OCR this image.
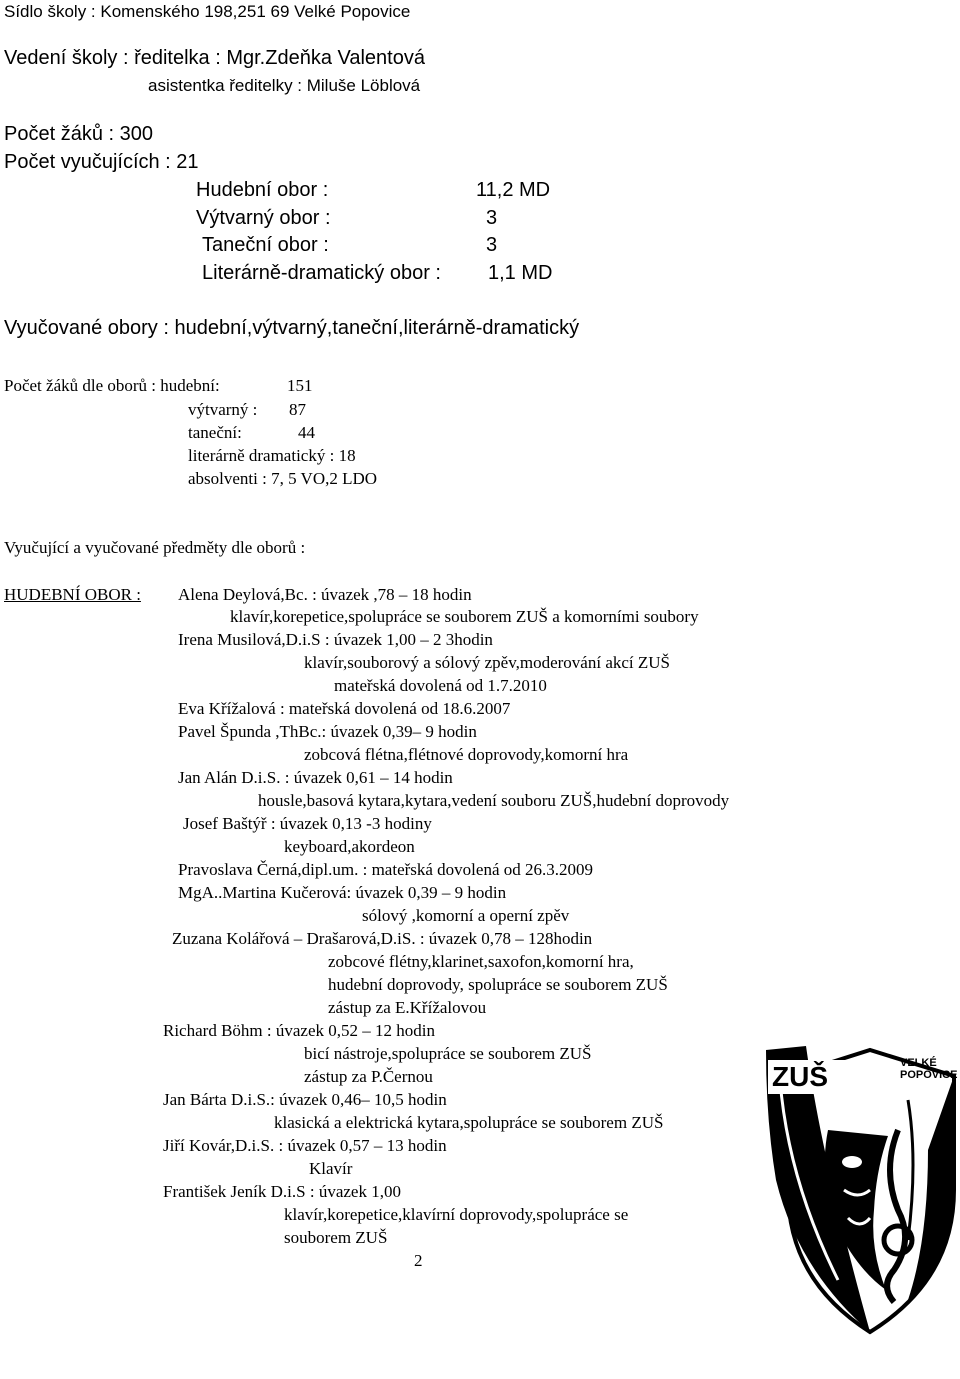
Sídlo školy : Komenského 198,251 69 Velké Popovice
Vedení školy : ředitelka : Mgr.Zdeňka Valentová
asistentka ředitelky : Miluše Löblová
Počet žáků : 300
Počet vyučujících : 21
Hudební obor :	11,2 MD
Výtvarný obor :	3
Taneční obor :	3
Literárně-dramatický obor : 1,1 MD
Vyučované obory : hudební,výtvarný,taneční,literárně-dramatický
Počet žáků dle oborů : hudební:	151
výtvarný : 87
taneční:	44
literárně dramatický : 18
absolventi : 7, 5 VO,2 LDO
Vyučující a vyučované předměty dle oborů :
HUDEBNÍ OBOR : Alena Deylová,Bc. : úvazek ,78 – 18 hodin
klavír,korepetice,spolupráce se souborem ZUŠ a komorními soubory
Irena Musilová,D.i.S : úvazek 1,00 – 2 3hodin
klavír,souborový a sólový zpěv,moderování akcí ZUŠ
mateřská dovolená od 1.7.2010
Eva Křížalová : mateřská dovolená od 18.6.2007
Pavel Špunda ,ThBc.: úvazek 0,39– 9 hodin
zobcová flétna,flétnové doprovody,komorní hra
Jan Alán D.i.S. : úvazek 0,61 – 14 hodin
housle,basová kytara,kytara,vedení souboru ZUŠ,hudební doprovody
Josef Baštýř : úvazek 0,13 -3 hodiny
keyboard,akordeon
Pravoslava Černá,dipl.um. : mateřská dovolená od 26.3.2009
MgA..Martina Kučerová: úvazek 0,39 – 9 hodin
sólový ,komorní a operní zpěv
Zuzana Kolářová – Drašarová,D.iS. : úvazek 0,78 – 128hodin
zobcové flétny,klarinet,saxofon,komorní hra,
hudební doprovody, spolupráce se souborem ZUŠ
zástup za E.Křížalovou
Richard Böhm : úvazek 0,52 – 12 hodin
bicí nástroje,spolupráce se souborem ZUŠ
zástup za P.Černou
Jan Bárta D.i.S.: úvazek 0,46– 10,5 hodin
klasická a elektrická kytara,spolupráce se souborem ZUŠ
Jiří Kovár,D.i.S. : úvazek 0,57 – 13 hodin
Klavír
František Jeník D.i.S : úvazek 1,00
klavír,korepetice,klavírní doprovody,spolupráce se
souborem ZUŠ
2
ZUŠ	VELKÉ
POPOVICE
